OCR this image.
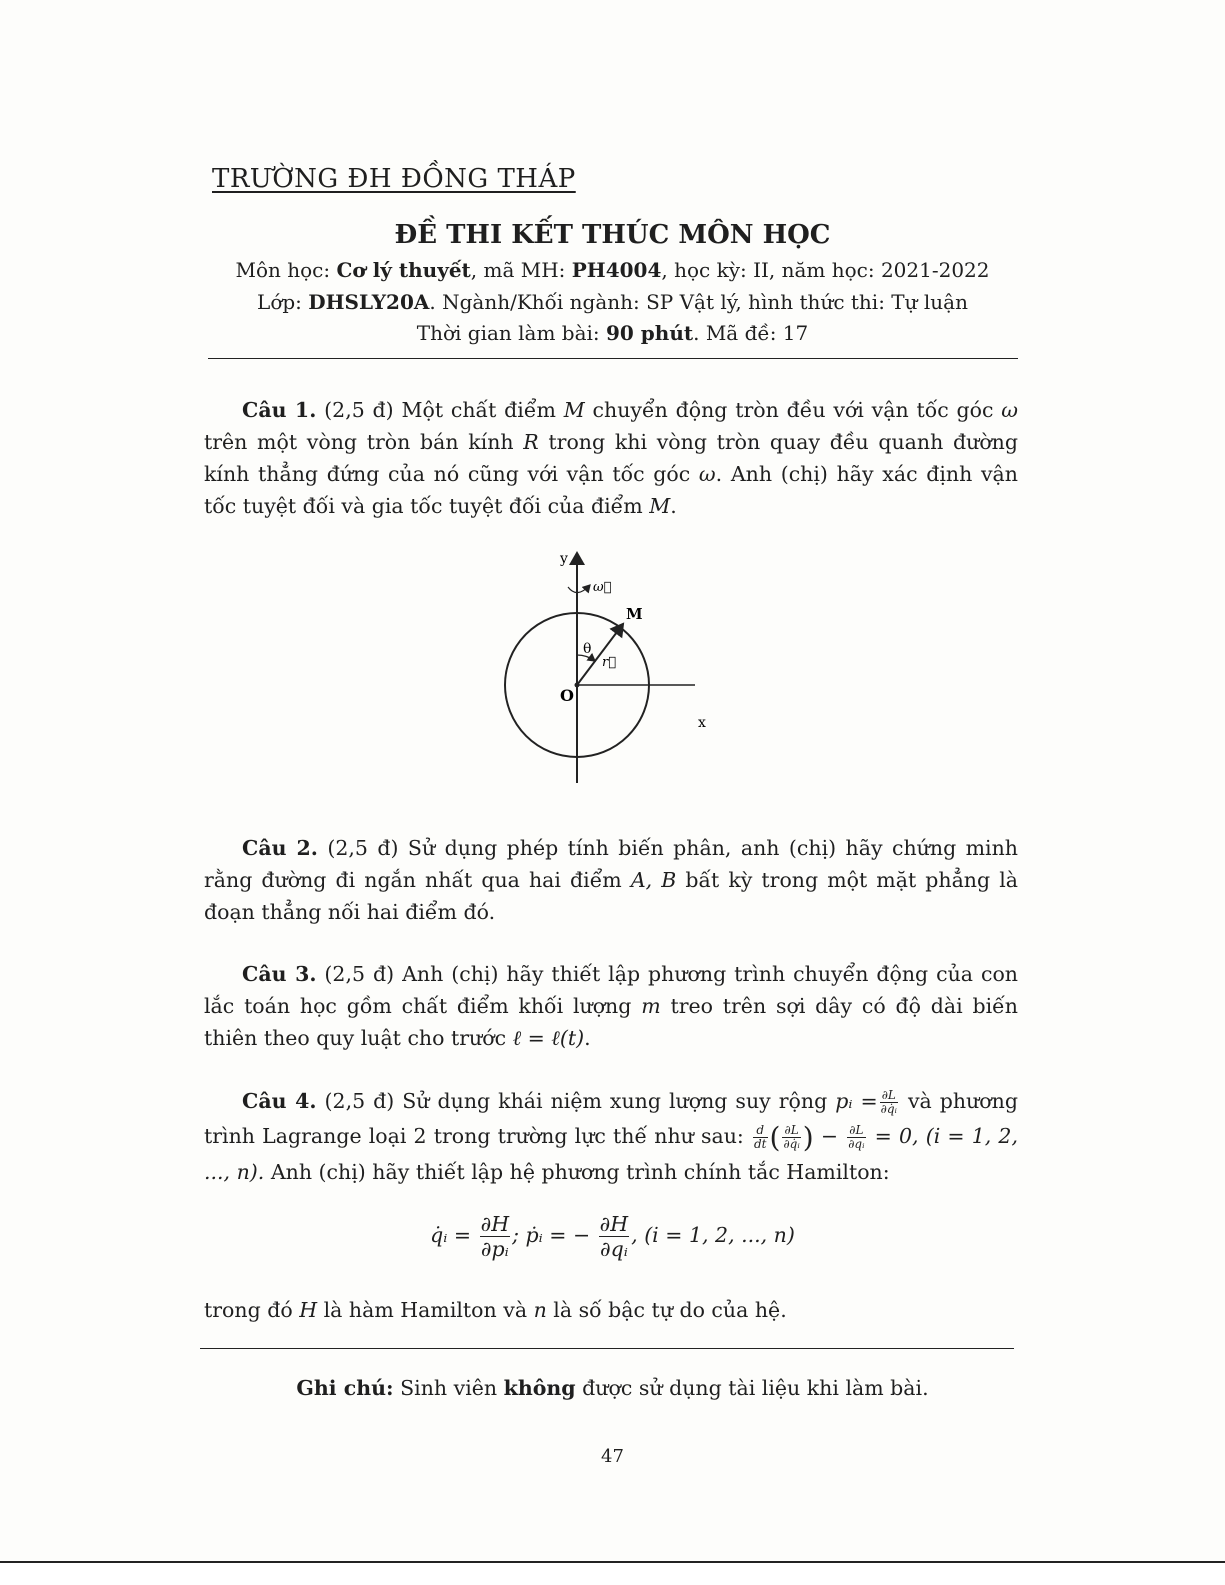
TRƯỜNG ĐH ĐỒNG THÁP
ĐỀ THI KẾT THÚC MÔN HỌC
Môn học: Cơ lý thuyết, mã MH: PH4004, học kỳ: II, năm học: 2021-2022
Lớp: DHSLY20A. Ngành/Khối ngành: SP Vật lý, hình thức thi: Tự luận
Thời gian làm bài: 90 phút. Mã đề: 17
Câu 1. (2,5 đ) Một chất điểm M chuyển động tròn đều với vận tốc góc ω trên một vòng tròn bán kính R trong khi vòng tròn quay đều quanh đường kính thẳng đứng của nó cũng với vận tốc góc ω. Anh (chị) hãy xác định vận tốc tuyệt đối và gia tốc tuyệt đối của điểm M.
y
x
O
M
θ
r⃗
ω⃗
Câu 2. (2,5 đ) Sử dụng phép tính biến phân, anh (chị) hãy chứng minh rằng đường đi ngắn nhất qua hai điểm A, B bất kỳ trong một mặt phẳng là đoạn thẳng nối hai điểm đó.
Câu 3. (2,5 đ) Anh (chị) hãy thiết lập phương trình chuyển động của con lắc toán học gồm chất điểm khối lượng m treo trên sợi dây có độ dài biến thiên theo quy luật cho trước ℓ = ℓ(t).
Câu 4. (2,5 đ) Sử dụng khái niệm xung lượng suy rộng pᵢ = $\frac{\partial L}{\text{∂q̇ᵢ}}$ và phương trình Lagrange loại 2 trong trường lực thế như sau: $\frac{d}{dt}$ ( $\frac{\partial L}{\text{∂q̇ᵢ}}$ ) − $\frac{\partial L}{\text{∂qᵢ}} = 0$, (i = 1, 2, ..., n). Anh (chị) hãy thiết lập hệ phương trình chính tắc Hamilton:
q̇ᵢ = $\frac{\partial H}{\text{∂pᵢ}}$ ; ṗᵢ = − $\frac{\partial H}{\text{∂qᵢ}}$ , (i = 1, 2, ..., n)
trong đó H là hàm Hamilton và n là số bậc tự do của hệ.
Ghi chú: Sinh viên không được sử dụng tài liệu khi làm bài.
47
